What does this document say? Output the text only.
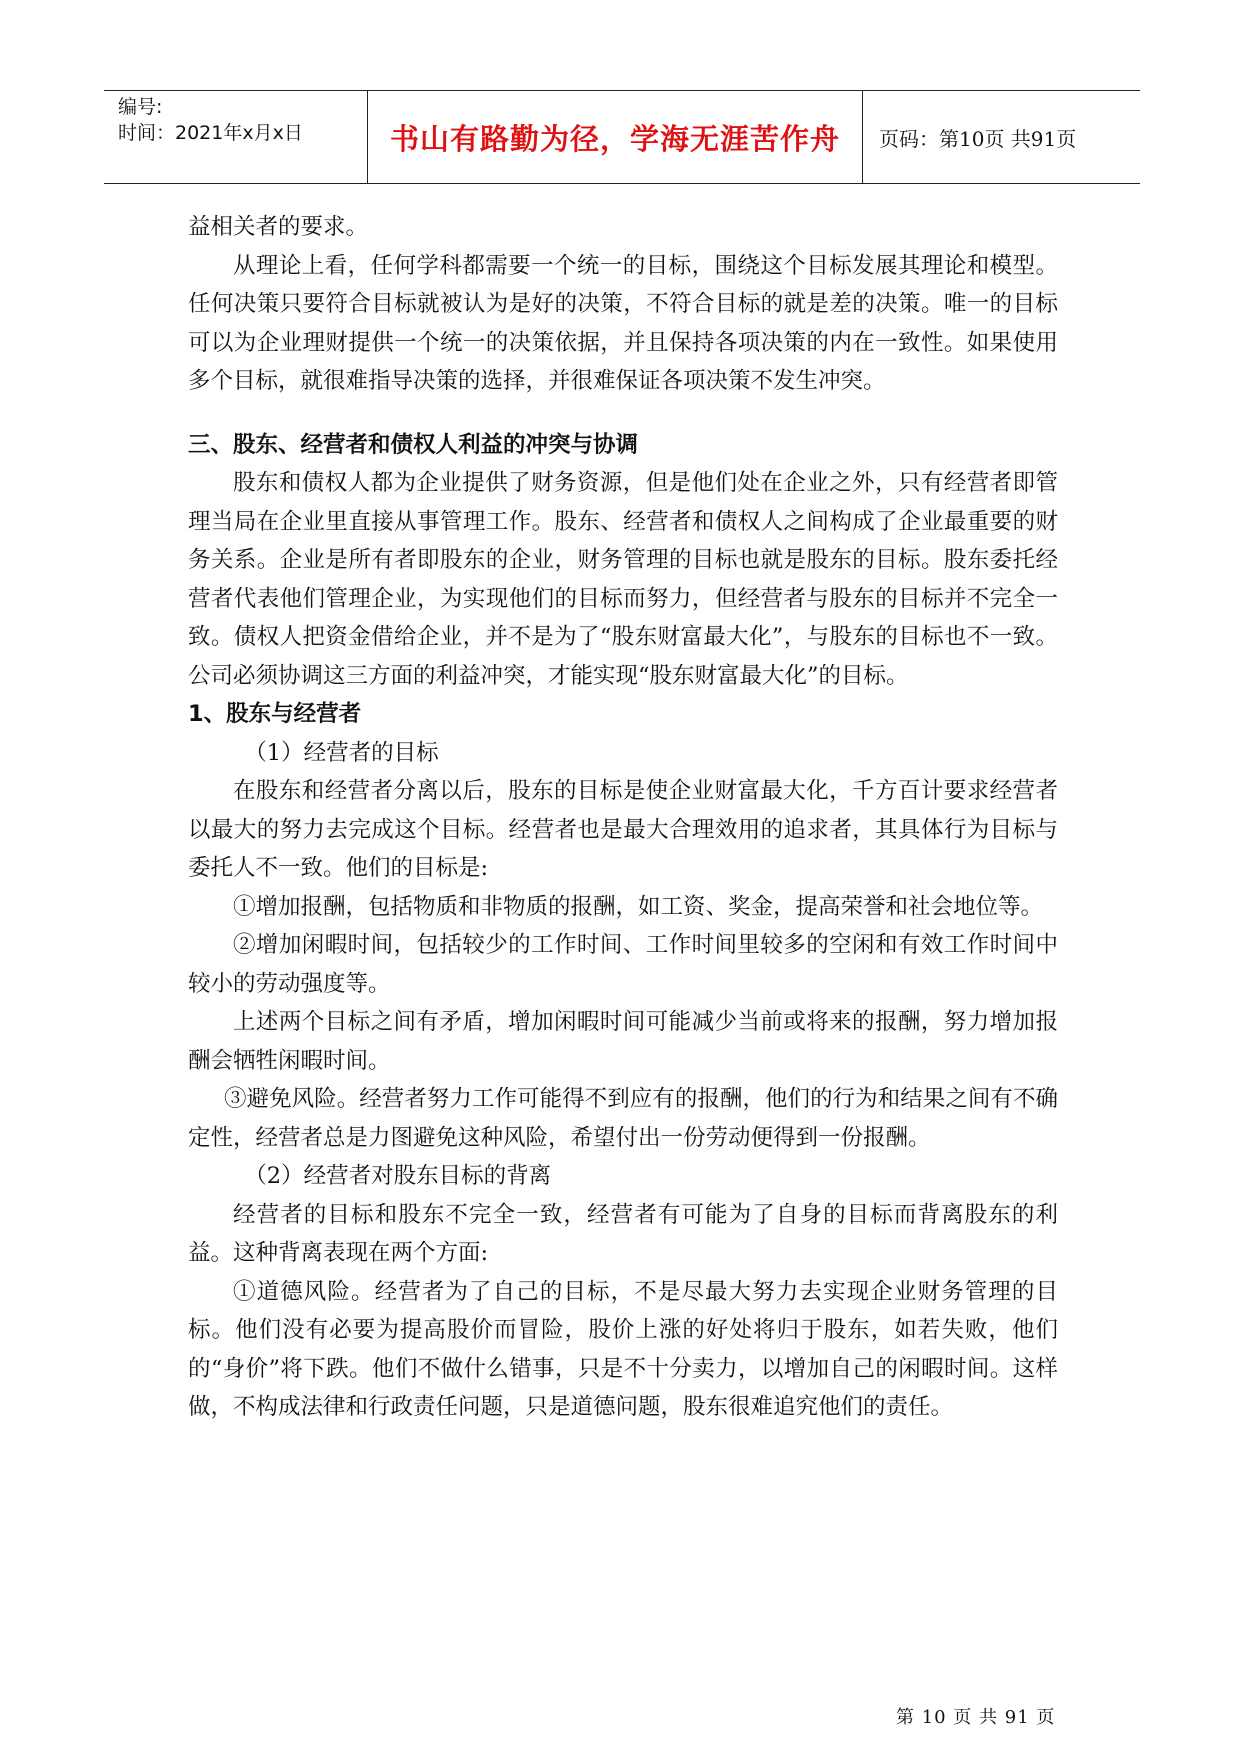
编号:
时间：2021年x月x日	书山有路勤为径，学海无涯苦作舟	页码：第10页 共91页

益相关者的要求。

从理论上看，任何学科都需要一个统一的目标，围绕这个目标发展其理论和模型。任何决策只要符合目标就被认为是好的决策，不符合目标的就是差的决策。唯一的目标可以为企业理财提供一个统一的决策依据，并且保持各项决策的内在一致性。如果使用多个目标，就很难指导决策的选择，并很难保证各项决策不发生冲突。

三、股东、经营者和债权人利益的冲突与协调

股东和债权人都为企业提供了财务资源，但是他们处在企业之外，只有经营者即管理当局在企业里直接从事管理工作。股东、经营者和债权人之间构成了企业最重要的财务关系。企业是所有者即股东的企业，财务管理的目标也就是股东的目标。股东委托经营者代表他们管理企业，为实现他们的目标而努力，但经营者与股东的目标并不完全一致。债权人把资金借给企业，并不是为了“股东财富最大化”，与股东的目标也不一致。公司必须协调这三方面的利益冲突，才能实现“股东财富最大化”的目标。

1、股东与经营者

（1）经营者的目标

在股东和经营者分离以后，股东的目标是使企业财富最大化，千方百计要求经营者以最大的努力去完成这个目标。经营者也是最大合理效用的追求者，其具体行为目标与委托人不一致。他们的目标是:

①增加报酬，包括物质和非物质的报酬，如工资、奖金，提高荣誉和社会地位等。

②增加闲暇时间，包括较少的工作时间、工作时间里较多的空闲和有效工作时间中较小的劳动强度等。

上述两个目标之间有矛盾，增加闲暇时间可能减少当前或将来的报酬，努力增加报酬会牺牲闲暇时间。

③避免风险。经营者努力工作可能得不到应有的报酬，他们的行为和结果之间有不确定性，经营者总是力图避免这种风险，希望付出一份劳动便得到一份报酬。

（2）经营者对股东目标的背离

经营者的目标和股东不完全一致，经营者有可能为了自身的目标而背离股东的利益。这种背离表现在两个方面:

①道德风险。经营者为了自己的目标，不是尽最大努力去实现企业财务管理的目标。他们没有必要为提高股价而冒险，股价上涨的好处将归于股东，如若失败，他们的“身价”将下跌。他们不做什么错事，只是不十分卖力，以增加自己的闲暇时间。这样做，不构成法律和行政责任问题，只是道德问题，股东很难追究他们的责任。

第 10 页 共 91 页
